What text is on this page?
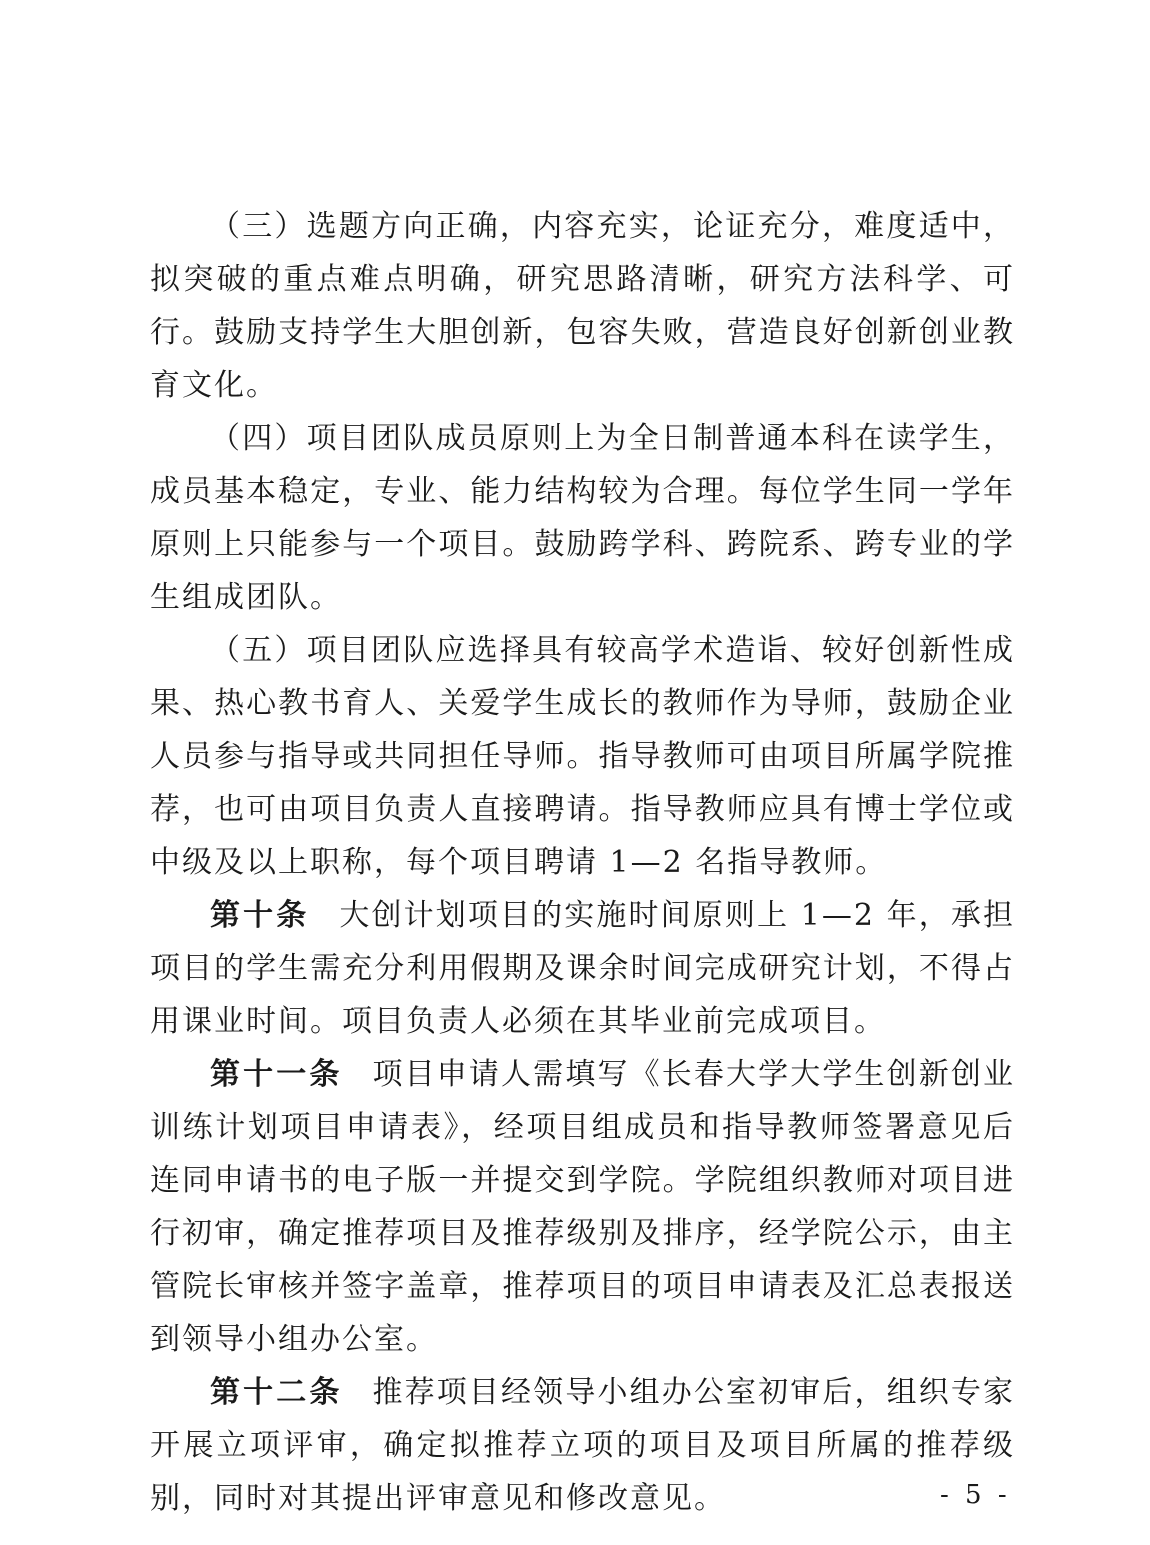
（三）选题方向正确，内容充实，论证充分，难度适中，拟突破的重点难点明确，研究思路清晰，研究方法科学、可行。鼓励支持学生大胆创新，包容失败，营造良好创新创业教育文化。

（四）项目团队成员原则上为全日制普通本科在读学生，成员基本稳定，专业、能力结构较为合理。每位学生同一学年原则上只能参与一个项目。鼓励跨学科、跨院系、跨专业的学生组成团队。

（五）项目团队应选择具有较高学术造诣、较好创新性成果、热心教书育人、关爱学生成长的教师作为导师，鼓励企业人员参与指导或共同担任导师。指导教师可由项目所属学院推荐，也可由项目负责人直接聘请。指导教师应具有博士学位或中级及以上职称，每个项目聘请 1—2 名指导教师。

第十条 大创计划项目的实施时间原则上 1—2 年，承担项目的学生需充分利用假期及课余时间完成研究计划，不得占用课业时间。项目负责人必须在其毕业前完成项目。

第十一条 项目申请人需填写《长春大学大学生创新创业训练计划项目申请表》，经项目组成员和指导教师签署意见后连同申请书的电子版一并提交到学院。学院组织教师对项目进行初审，确定推荐项目及推荐级别及排序，经学院公示，由主管院长审核并签字盖章，推荐项目的项目申请表及汇总表报送到领导小组办公室。

第十二条 推荐项目经领导小组办公室初审后，组织专家开展立项评审，确定拟推荐立项的项目及项目所属的推荐级别，同时对其提出评审意见和修改意见。	- 5 -
